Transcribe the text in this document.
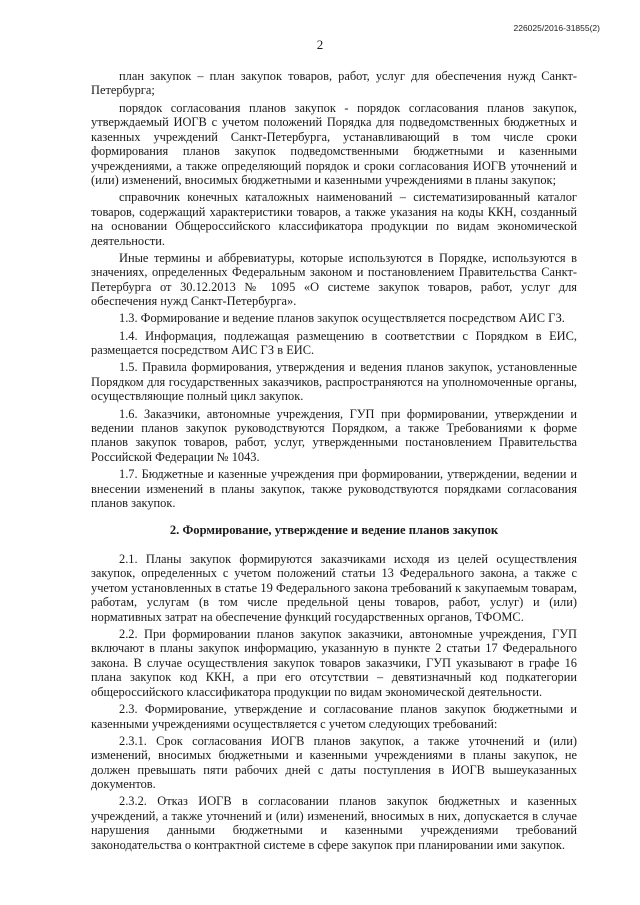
226025/2016-31855(2)
2

план закупок – план закупок товаров, работ, услуг для обеспечения нужд Санкт-Петербурга;

порядок согласования планов закупок - порядок согласования планов закупок, утверждаемый ИОГВ с учетом положений Порядка для подведомственных бюджетных и казенных учреждений Санкт-Петербурга, устанавливающий в том числе сроки формирования планов закупок подведомственными бюджетными и казенными учреждениями, а также определяющий порядок и сроки согласования ИОГВ уточнений и (или) изменений, вносимых бюджетными и казенными учреждениями в планы закупок;

справочник конечных каталожных наименований – систематизированный каталог товаров, содержащий характеристики товаров, а также указания на коды ККН, созданный на основании Общероссийского классификатора продукции по видам экономической деятельности.

Иные термины и аббревиатуры, которые используются в Порядке, используются в значениях, определенных Федеральным законом и постановлением Правительства Санкт-Петербурга от 30.12.2013 № 1095 «О системе закупок товаров, работ, услуг для обеспечения нужд Санкт-Петербурга».

1.3. Формирование и ведение планов закупок осуществляется посредством АИС ГЗ.

1.4. Информация, подлежащая размещению в соответствии с Порядком в ЕИС, размещается посредством АИС ГЗ в ЕИС.

1.5. Правила формирования, утверждения и ведения планов закупок, установленные Порядком для государственных заказчиков, распространяются на уполномоченные органы, осуществляющие полный цикл закупок.

1.6. Заказчики, автономные учреждения, ГУП при формировании, утверждении и ведении планов закупок руководствуются Порядком, а также Требованиями к форме планов закупок товаров, работ, услуг, утвержденными постановлением Правительства Российской Федерации № 1043.

1.7. Бюджетные и казенные учреждения при формировании, утверждении, ведении и внесении изменений в планы закупок, также руководствуются порядками согласования планов закупок.

2. Формирование, утверждение и ведение планов закупок

2.1. Планы закупок формируются заказчиками исходя из целей осуществления закупок, определенных с учетом положений статьи 13 Федерального закона, а также с учетом установленных в статье 19 Федерального закона требований к закупаемым товарам, работам, услугам (в том числе предельной цены товаров, работ, услуг) и (или) нормативных затрат на обеспечение функций государственных органов, ТФОМС.

2.2. При формировании планов закупок заказчики, автономные учреждения, ГУП включают в планы закупок информацию, указанную в пункте 2 статьи 17 Федерального закона. В случае осуществления закупок товаров заказчики, ГУП указывают в графе 16 плана закупок код ККН, а при его отсутствии – девятизначный код подкатегории общероссийского классификатора продукции по видам экономической деятельности.

2.3. Формирование, утверждение и согласование планов закупок бюджетными и казенными учреждениями осуществляется с учетом следующих требований:

2.3.1. Срок согласования ИОГВ планов закупок, а также уточнений и (или) изменений, вносимых бюджетными и казенными учреждениями в планы закупок, не должен превышать пяти рабочих дней с даты поступления в ИОГВ вышеуказанных документов.

2.3.2. Отказ ИОГВ в согласовании планов закупок бюджетных и казенных учреждений, а также уточнений и (или) изменений, вносимых в них, допускается в случае нарушения данными бюджетными и казенными учреждениями требований законодательства о контрактной системе в сфере закупок при планировании ими закупок.
